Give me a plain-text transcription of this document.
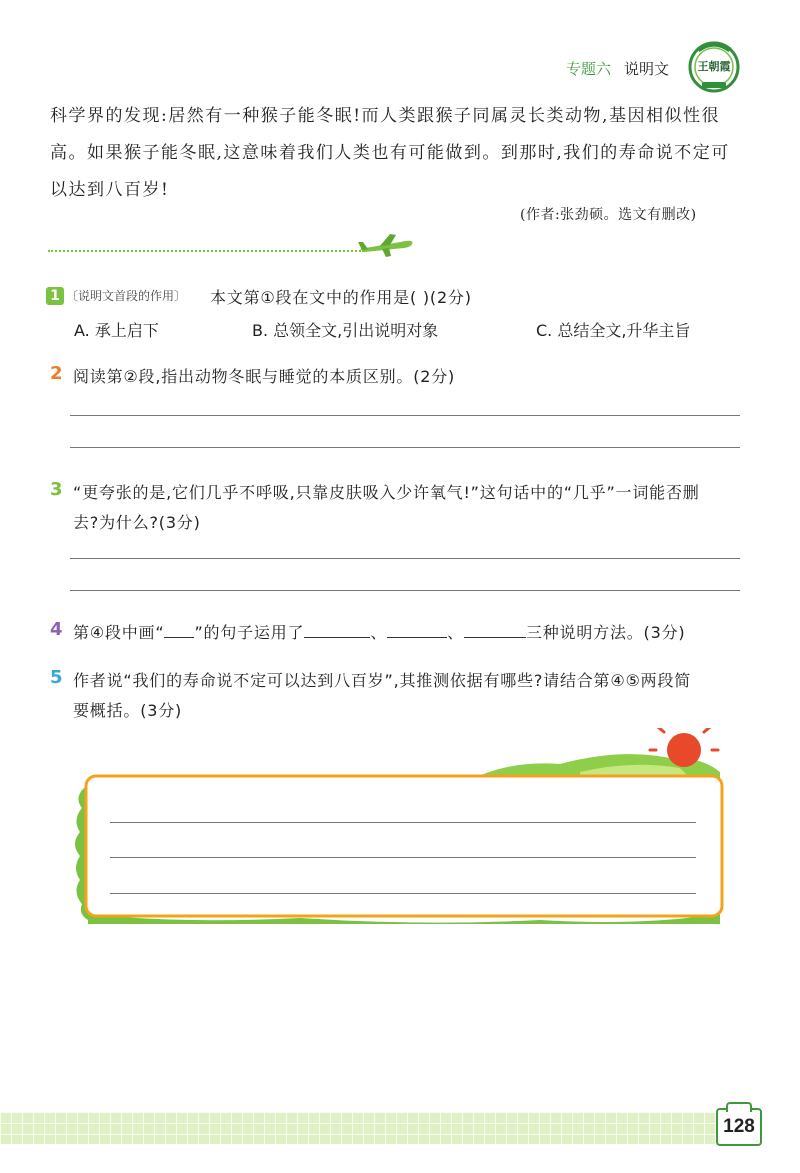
专题六 说明文	王朝霞
科学界的发现:居然有一种猴子能冬眠!而人类跟猴子同属灵长类动物,基因相似性很
高。如果猴子能冬眠,这意味着我们人类也有可能做到。到那时,我们的寿命说不定可
以达到八百岁!
(作者:张劲硕。选文有删改)
1 〔说明文首段的作用〕 本文第①段在文中的作用是( )(2分)
A. 承上启下	B. 总领全文,引出说明对象	C. 总结全文,升华主旨
2 阅读第②段,指出动物冬眠与睡觉的本质区别。(2分)
3 “更夸张的是,它们几乎不呼吸,只靠皮肤吸入少许氧气!”这句话中的“几乎”一词能否删
去?为什么?(3分)
4 第④段中画“ ”的句子运用了	、	、	三种说明方法。(3分)
5 作者说“我们的寿命说不定可以达到八百岁”,其推测依据有哪些?请结合第④⑤两段简
要概括。(3分)
128
